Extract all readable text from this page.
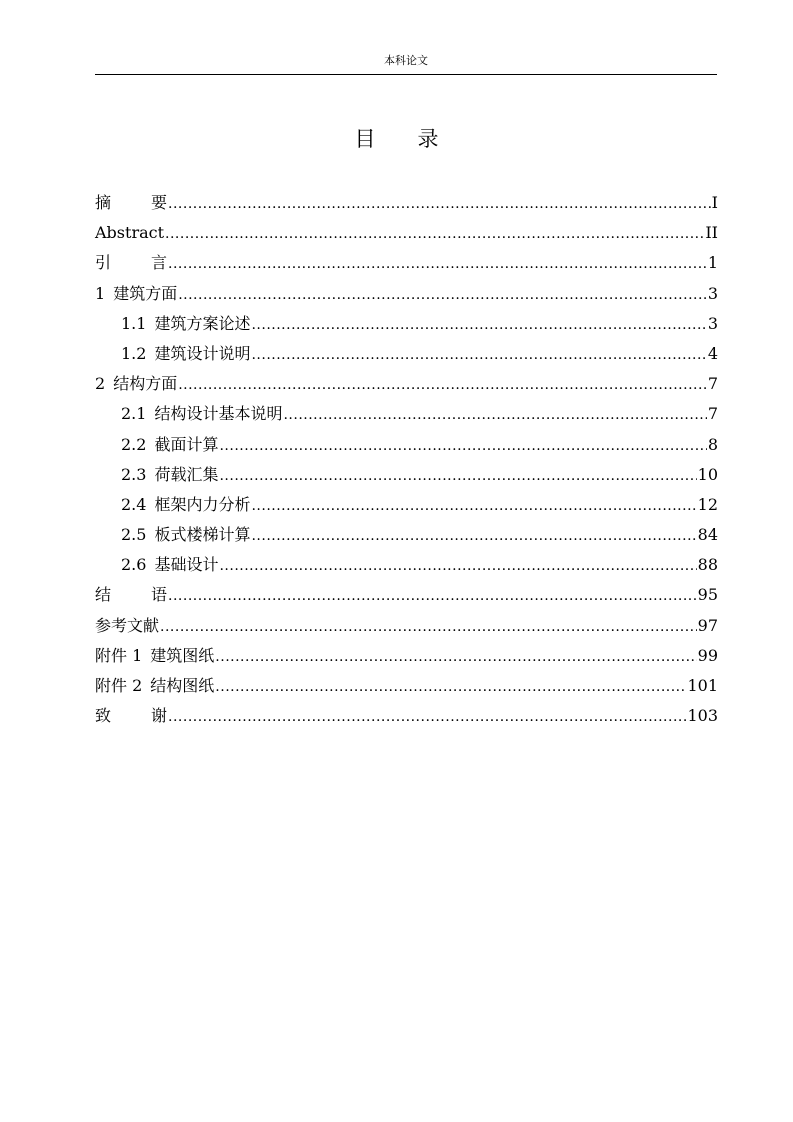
本科论文
目 录
摘	要 .....	I
Abstract .....	II
引	言 .....	1
1 建筑方面 .....	3
1.1 建筑方案论述 .....	3
1.2 建筑设计说明 .....	4
2 结构方面 .....	7
2.1 结构设计基本说明 .....	7
2.2 截面计算 .....	8
2.3 荷载汇集 .....	10
2.4 框架内力分析 .....	12
2.5 板式楼梯计算 .....	84
2.6 基础设计 .....	88
结	语 .....	95
参考文献 .....	97
附件 1 建筑图纸 .....	99
附件 2 结构图纸 .....	101
致	谢 .....	103
